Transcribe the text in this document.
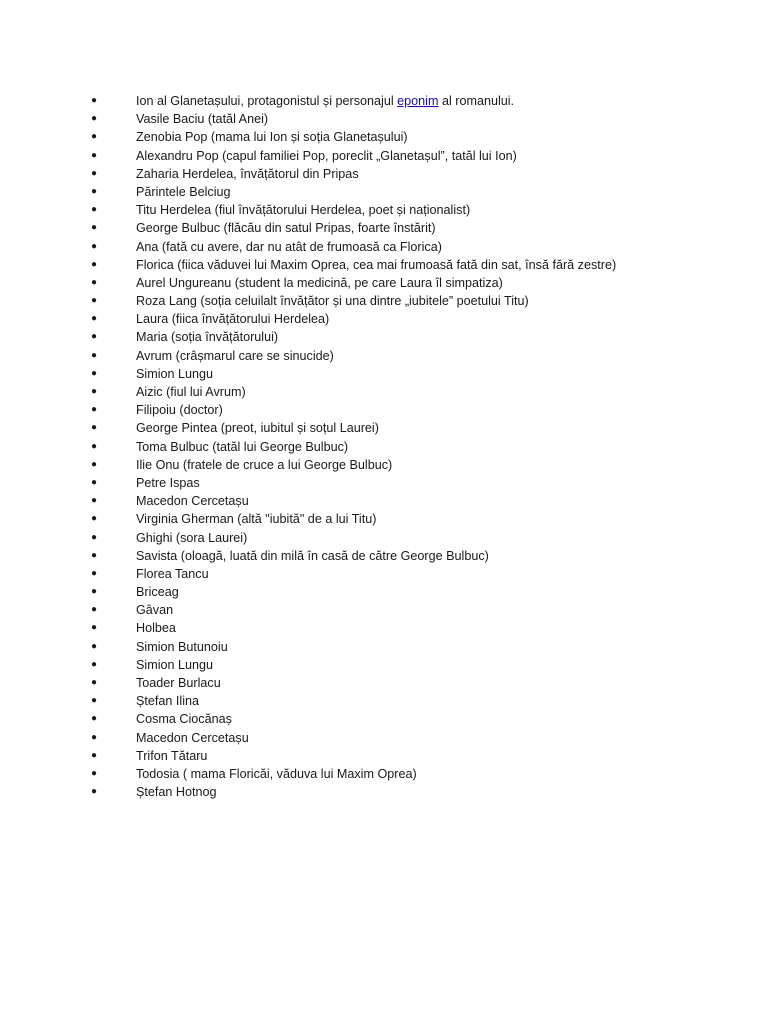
●	Ion al Glanetașului, protagonistul și personajul eponim al romanului.
●	Vasile Baciu (tatăl Anei)
●	Zenobia Pop (mama lui Ion și soția Glanetașului)
●	Alexandru Pop (capul familiei Pop, poreclit „Glanetașul”, tatăl lui Ion)
●	Zaharia Herdelea, învățătorul din Pripas
●	Părintele Belciug
●	Titu Herdelea (fiul învățătorului Herdelea, poet și naționalist)
●	George Bulbuc (flăcău din satul Pripas, foarte înstărit)
●	Ana (fată cu avere, dar nu atât de frumoasă ca Florica)
●	Florica (fiica văduvei lui Maxim Oprea, cea mai frumoasă fată din sat, însă fără zestre)
●	Aurel Ungureanu (student la medicină, pe care Laura îl simpatiza)
●	Roza Lang (soția celuilalt învățător și una dintre „iubitele” poetului Titu)
●	Laura (fiica învățătorului Herdelea)
●	Maria (soția învățătorului)
●	Avrum (crâșmarul care se sinucide)
●	Simion Lungu
●	Aizic (fiul lui Avrum)
●	Filipoiu (doctor)
●	George Pintea (preot, iubitul și soțul Laurei)
●	Toma Bulbuc (tatăl lui George Bulbuc)
●	Ilie Onu (fratele de cruce a lui George Bulbuc)
●	Petre Ispas
●	Macedon Cercetașu
●	Virginia Gherman (altă "iubită" de a lui Titu)
●	Ghighi (sora Laurei)
●	Savista (oloagă, luată din milă în casă de către George Bulbuc)
●	Florea Tancu
●	Briceag
●	Gâvan
●	Holbea
●	Simion Butunoiu
●	Simion Lungu
●	Toader Burlacu
●	Ștefan Ilina
●	Cosma Ciocănaș
●	Macedon Cercetașu
●	Trifon Tătaru
●	Todosia ( mama Floricăi, văduva lui Maxim Oprea)
●	Ștefan Hotnog
